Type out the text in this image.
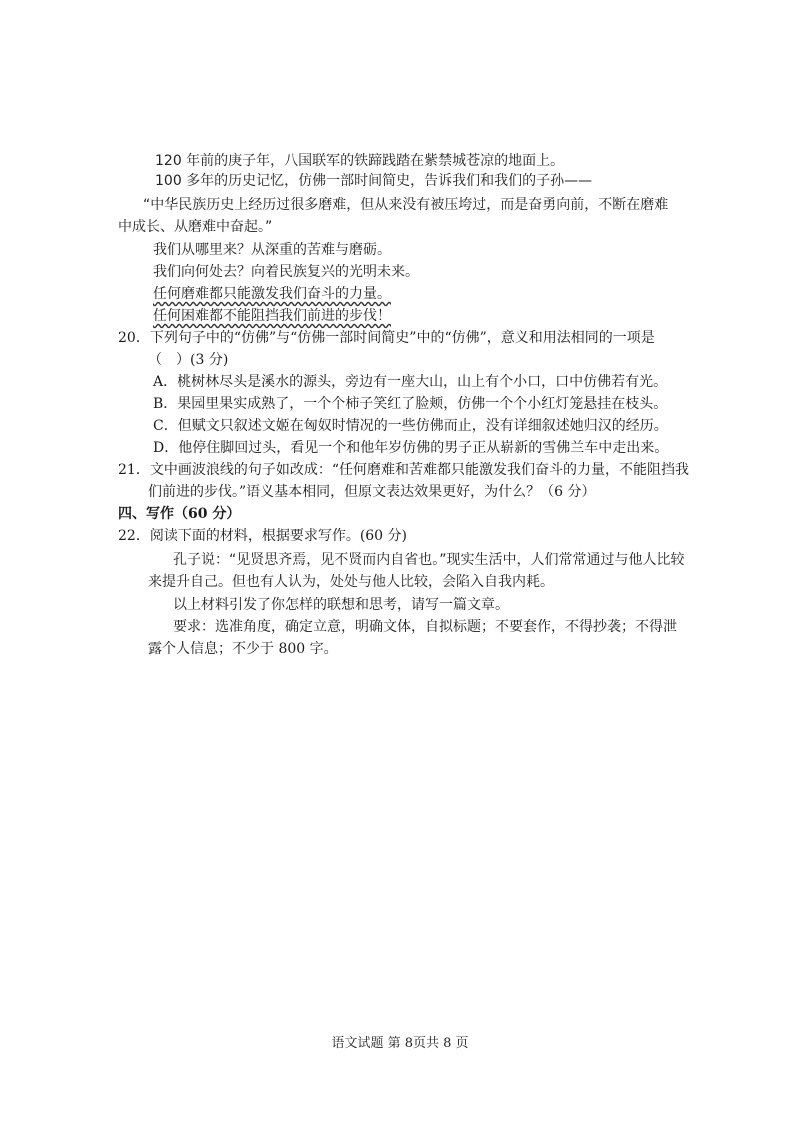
120 年前的庚子年，八国联军的铁蹄践踏在紫禁城苍凉的地面上。
100 多年的历史记忆，仿佛一部时间简史，告诉我们和我们的子孙——
“中华民族历史上经历过很多磨难，但从来没有被压垮过，而是奋勇向前，不断在磨难
中成长、从磨难中奋起。”
我们从哪里来？从深重的苦难与磨砺。
我们向何处去？向着民族复兴的光明未来。
任何磨难都只能激发我们奋斗的力量。
任何困难都不能阻挡我们前进的步伐！
20．下列句子中的“仿佛”与“仿佛一部时间简史”中的“仿佛”，意义和用法相同的一项是
（　）(3 分)
A．桃树林尽头是溪水的源头，旁边有一座大山，山上有个小口，口中仿佛若有光。
B．果园里果实成熟了，一个个柿子笑红了脸颊，仿佛一个个小红灯笼悬挂在枝头。
C．但赋文只叙述文姬在匈奴时情况的一些仿佛而止，没有详细叙述她归汉的经历。
D．他停住脚回过头，看见一个和他年岁仿佛的男子正从崭新的雪佛兰车中走出来。
21．文中画波浪线的句子如改成：“任何磨难和苦难都只能激发我们奋斗的力量，不能阻挡我
们前进的步伐。”语义基本相同，但原文表达效果更好，为什么？（6 分）
四、写作（60 分）
22．阅读下面的材料，根据要求写作。(60 分)
孔子说：“见贤思齐焉，见不贤而内自省也。”现实生活中，人们常常通过与他人比较
来提升自己。但也有人认为，处处与他人比较，会陷入自我内耗。
以上材料引发了你怎样的联想和思考，请写一篇文章。
要求：选准角度，确定立意，明确文体，自拟标题；不要套作，不得抄袭；不得泄
露个人信息；不少于 800 字。
语文试题 第 8页共 8 页
